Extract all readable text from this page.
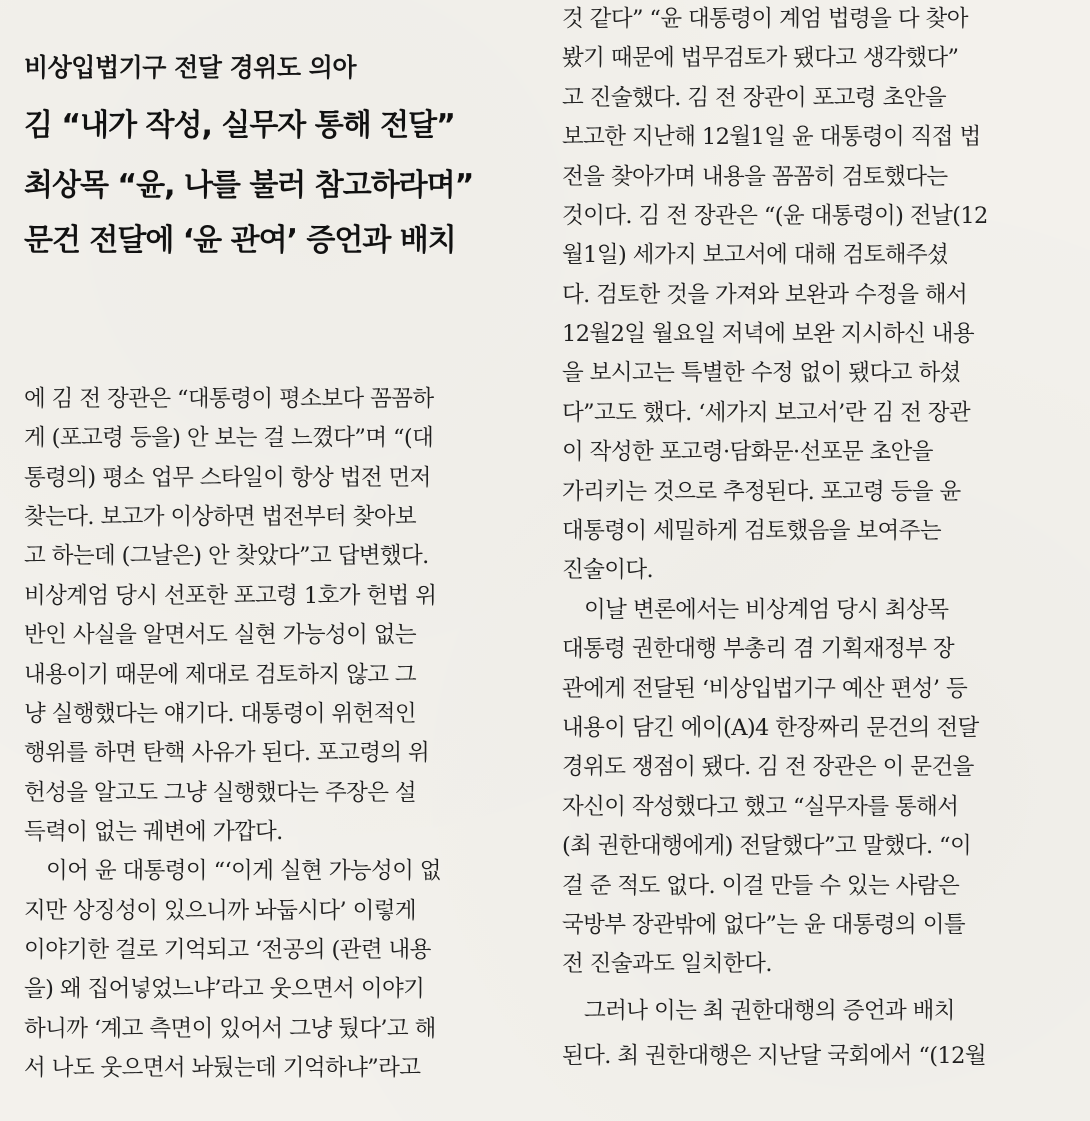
비상입법기구 전달 경위도 의아
김 “내가 작성, 실무자 통해 전달”
최상목 “윤, 나를 불러 참고하라며”
문건 전달에 ‘윤 관여’ 증언과 배치
에 김 전 장관은 “대통령이 평소보다 꼼꼼하
게 (포고령 등을) 안 보는 걸 느꼈다”며 “(대
통령의) 평소 업무 스타일이 항상 법전 먼저
찾는다. 보고가 이상하면 법전부터 찾아보
고 하는데 (그날은) 안 찾았다”고 답변했다.
비상계엄 당시 선포한 포고령 1호가 헌법 위
반인 사실을 알면서도 실현 가능성이 없는
내용이기 때문에 제대로 검토하지 않고 그
냥 실행했다는 얘기다. 대통령이 위헌적인
행위를 하면 탄핵 사유가 된다. 포고령의 위
헌성을 알고도 그냥 실행했다는 주장은 설
득력이 없는 궤변에 가깝다.
이어 윤 대통령이 “‘이게 실현 가능성이 없
지만 상징성이 있으니까 놔둡시다’ 이렇게
이야기한 걸로 기억되고 ‘전공의 (관련 내용
을) 왜 집어넣었느냐’라고 웃으면서 이야기
하니까 ‘계고 측면이 있어서 그냥 뒀다’고 해
서 나도 웃으면서 놔뒀는데 기억하냐”라고
것 같다” “윤 대통령이 계엄 법령을 다 찾아
봤기 때문에 법무검토가 됐다고 생각했다”
고 진술했다. 김 전 장관이 포고령 초안을
보고한 지난해 12월1일 윤 대통령이 직접 법
전을 찾아가며 내용을 꼼꼼히 검토했다는
것이다. 김 전 장관은 “(윤 대통령이) 전날(12
월1일) 세가지 보고서에 대해 검토해주셨
다. 검토한 것을 가져와 보완과 수정을 해서
12월2일 월요일 저녁에 보완 지시하신 내용
을 보시고는 특별한 수정 없이 됐다고 하셨
다”고도 했다. ‘세가지 보고서’란 김 전 장관
이 작성한 포고령·담화문·선포문 초안을
가리키는 것으로 추정된다. 포고령 등을 윤
대통령이 세밀하게 검토했음을 보여주는
진술이다.
이날 변론에서는 비상계엄 당시 최상목
대통령 권한대행 부총리 겸 기획재정부 장
관에게 전달된 ‘비상입법기구 예산 편성’ 등
내용이 담긴 에이(A)4 한장짜리 문건의 전달
경위도 쟁점이 됐다. 김 전 장관은 이 문건을
자신이 작성했다고 했고 “실무자를 통해서
(최 권한대행에게) 전달했다”고 말했다. “이
걸 준 적도 없다. 이걸 만들 수 있는 사람은
국방부 장관밖에 없다”는 윤 대통령의 이틀
전 진술과도 일치한다.
그러나 이는 최 권한대행의 증언과 배치
된다. 최 권한대행은 지난달 국회에서 “(12월
